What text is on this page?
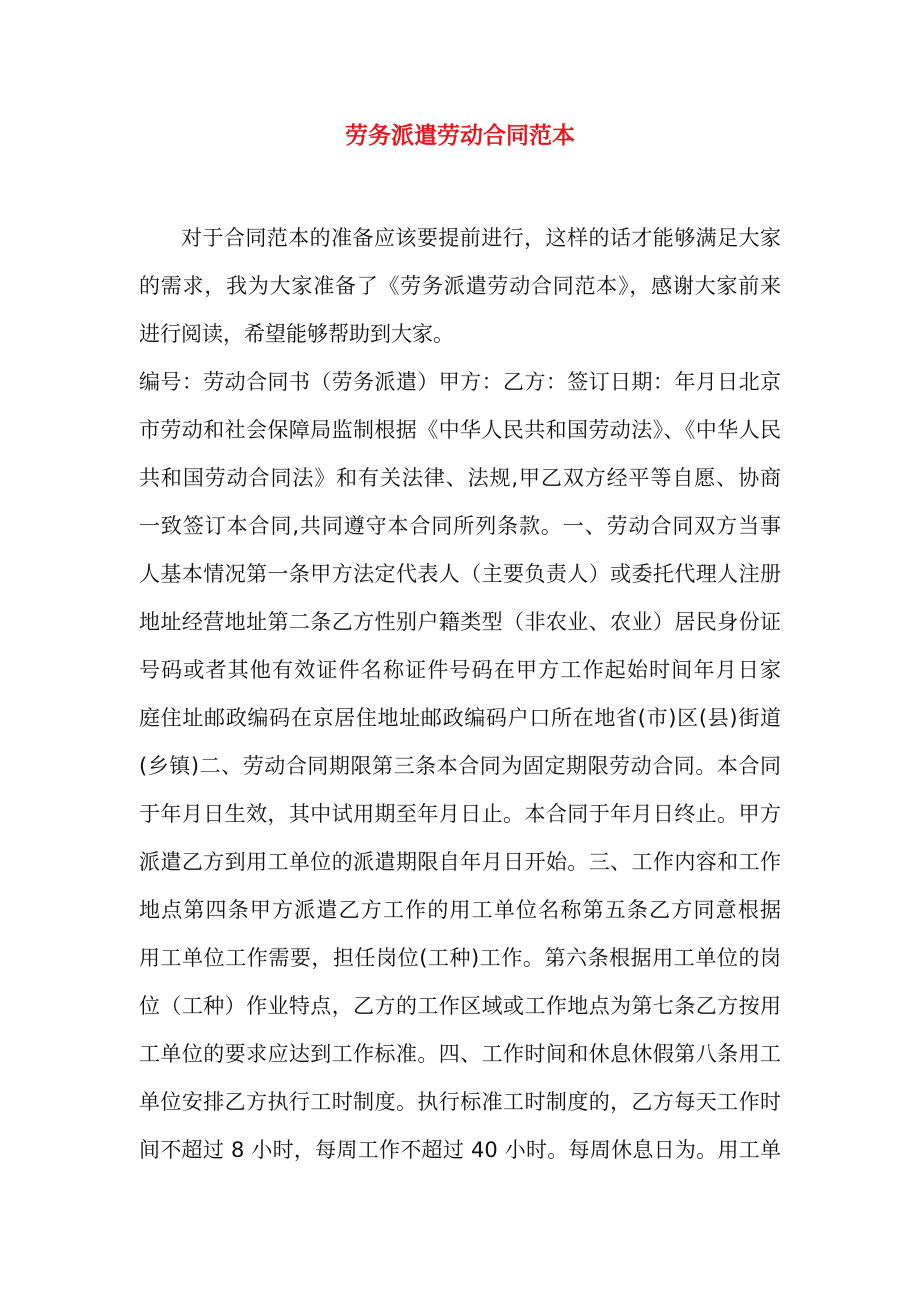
劳务派遣劳动合同范本
对于合同范本的准备应该要提前进行，这样的话才能够满足大家
的需求，我为大家准备了《劳务派遣劳动合同范本》，感谢大家前来
进行阅读，希望能够帮助到大家。
编号：劳动合同书（劳务派遣）甲方：乙方：签订日期：年月日北京
市劳动和社会保障局监制根据《中华人民共和国劳动法》、《中华人民
共和国劳动合同法》和有关法律、法规,甲乙双方经平等自愿、协商
一致签订本合同,共同遵守本合同所列条款。一、劳动合同双方当事
人基本情况第一条甲方法定代表人（主要负责人）或委托代理人注册
地址经营地址第二条乙方性别户籍类型（非农业、农业）居民身份证
号码或者其他有效证件名称证件号码在甲方工作起始时间年月日家
庭住址邮政编码在京居住地址邮政编码户口所在地省(市)区(县)街道
(乡镇)二、劳动合同期限第三条本合同为固定期限劳动合同。本合同
于年月日生效，其中试用期至年月日止。本合同于年月日终止。甲方
派遣乙方到用工单位的派遣期限自年月日开始。三、工作内容和工作
地点第四条甲方派遣乙方工作的用工单位名称第五条乙方同意根据
用工单位工作需要，担任岗位(工种)工作。第六条根据用工单位的岗
位（工种）作业特点，乙方的工作区域或工作地点为第七条乙方按用
工单位的要求应达到工作标准。四、工作时间和休息休假第八条用工
单位安排乙方执行工时制度。执行标准工时制度的，乙方每天工作时
间不超过 8 小时，每周工作不超过 40 小时。每周休息日为。用工单
